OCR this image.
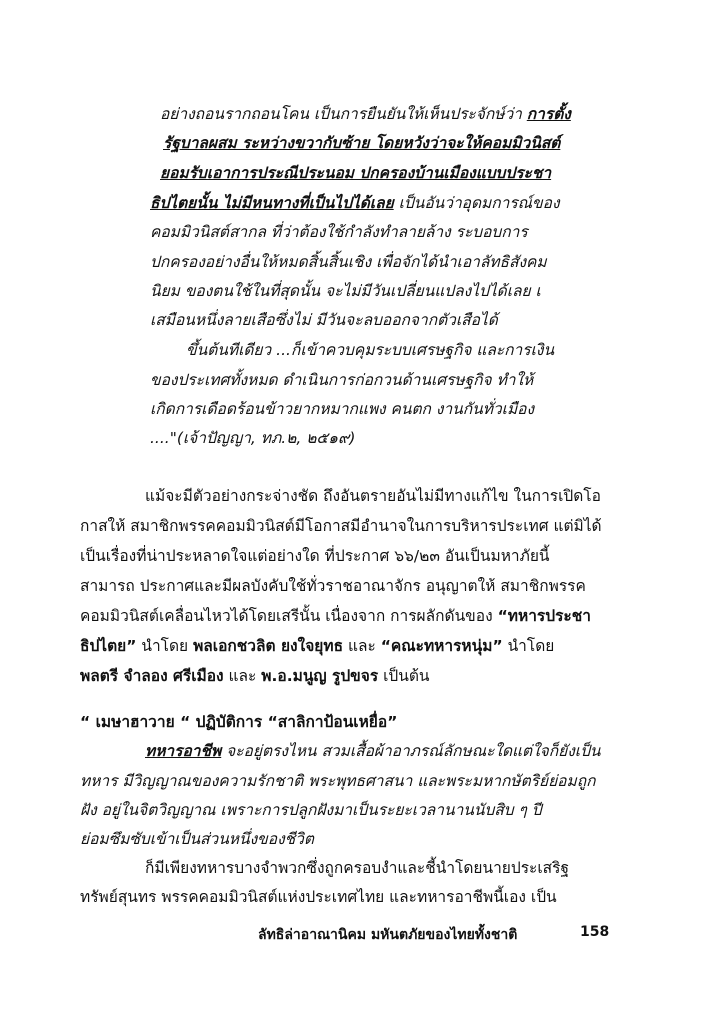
อย่างถอนรากถอนโคน เป็นการยืนยันให้เห็นประจักษ์ว่า การตั้ง
รัฐบาลผสม ระหว่างขวากับซ้าย โดยหวังว่าจะให้คอมมิวนิสต์
ยอมรับเอาการประณีประนอม ปกครองบ้านเมืองแบบประชา
ธิปไตยนั้น ไม่มีหนทางที่เป็นไปได้เลย เป็นอันว่าอุดมการณ์ของ
คอมมิวนิสต์สากล ที่ว่าต้องใช้กำลังทำลายล้าง ระบอบการ
ปกครองอย่างอื่นให้หมดสิ้นสิ้นเชิง เพื่อจักได้นำเอาลัทธิสังคม
นิยม ของตนใช้ในที่สุดนั้น จะไม่มีวันเปลี่ยนแปลงไปได้เลย เ
เสมือนหนึ่งลายเสือซึ่งไม่ มีวันจะลบออกจากตัวเสือได้
ขึ้นต้นทีเดียว ...ก็เข้าควบคุมระบบเศรษฐกิจ และการเงิน
ของประเทศทั้งหมด ดำเนินการก่อกวนด้านเศรษฐกิจ ทำให้
เกิดการเดือดร้อนข้าวยากหมากแพง คนตก งานกันทั่วเมือง
...."(เจ้าปัญญา, ทภ.๒, ๒๕๑๙)
แม้จะมีตัวอย่างกระจ่างชัด ถึงอันตรายอันไม่มีทางแก้ไข ในการเปิดโอ
กาสให้ สมาชิกพรรคคอมมิวนิสต์มีโอกาสมีอำนาจในการบริหารประเทศ แต่มิได้
เป็นเรื่องที่น่าประหลาดใจแต่อย่างใด ที่ประกาศ ๖๖/๒๓ อันเป็นมหาภัยนี้
สามารถ ประกาศและมีผลบังคับใช้ทั่วราชอาณาจักร อนุญาตให้ สมาชิกพรรค
คอมมิวนิสต์เคลื่อนไหวได้โดยเสรีนั้น เนื่องจาก การผลักดันของ “ทหารประชา
ธิปไตย” นำโดย พลเอกชวลิต ยงใจยุทธ และ “คณะทหารหนุ่ม” นำโดย
พลตรี จำลอง ศรีเมือง และ พ.อ.มนูญ รูปขจร เป็นต้น
“ เมษาฮาวาย “ ปฏิบัติการ “สาลิกาป้อนเหยื่อ”
ทหารอาชีพ จะอยู่ตรงไหน สวมเสื้อผ้าอาภรณ์ลักษณะใดแต่ใจก็ยังเป็น
ทหาร มีวิญญาณของความรักชาติ พระพุทธศาสนา และพระมหากษัตริย์ย่อมถูก
ฝัง อยู่ในจิตวิญญาณ เพราะการปลูกฝังมาเป็นระยะเวลานานนับสิบ ๆ ปี
ย่อมซึมซับเข้าเป็นส่วนหนึ่งของชีวิต
ก็มีเพียงทหารบางจำพวกซึ่งถูกครอบงำและชี้นำโดยนายประเสริฐ
ทรัพย์สุนทร พรรคคอมมิวนิสต์แห่งประเทศไทย และทหารอาชีพนี้เอง เป็น
ลัทธิล่าอาณานิคม มหันตภัยของไทยทั้งชาติ	158
